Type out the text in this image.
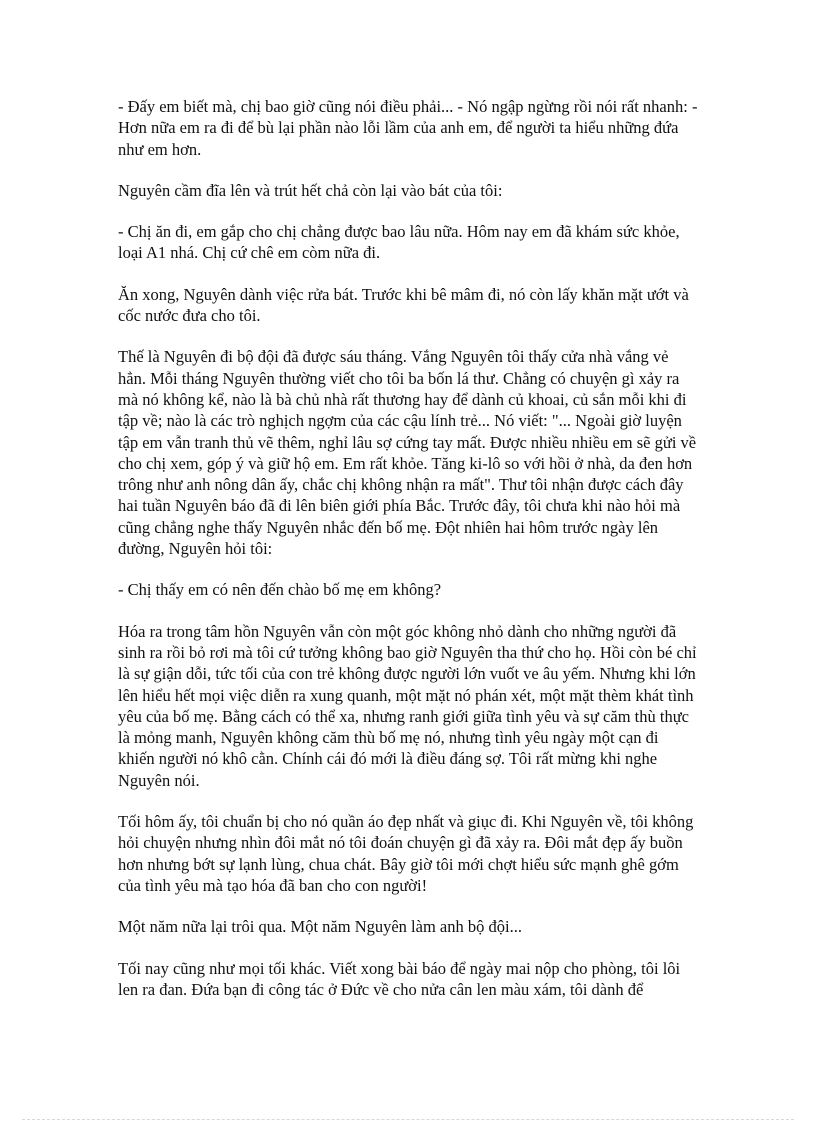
- Đấy em biết mà, chị bao giờ cũng nói điều phải... - Nó ngập ngừng rồi nói rất nhanh: - Hơn nữa em ra đi để bù lại phần nào lỗi lầm của anh em, để người ta hiểu những đứa như em hơn.

Nguyên cầm đĩa lên và trút hết chả còn lại vào bát của tôi:

- Chị ăn đi, em gắp cho chị chẳng được bao lâu nữa. Hôm nay em đã khám sức khỏe, loại A1 nhá. Chị cứ chê em còm nữa đi.

Ăn xong, Nguyên dành việc rửa bát. Trước khi bê mâm đi, nó còn lấy khăn mặt ướt và cốc nước đưa cho tôi.

Thế là Nguyên đi bộ đội đã được sáu tháng. Vắng Nguyên tôi thấy cửa nhà vắng vẻ hẳn. Mỗi tháng Nguyên thường viết cho tôi ba bốn lá thư. Chẳng có chuyện gì xảy ra mà nó không kể, nào là bà chủ nhà rất thương hay để dành củ khoai, củ sắn mỗi khi đi tập về; nào là các trò nghịch ngợm của các cậu lính trẻ... Nó viết: "... Ngoài giờ luyện tập em vẫn tranh thủ vẽ thêm, nghỉ lâu sợ cứng tay mất. Được nhiều nhiều em sẽ gửi về cho chị xem, góp ý và giữ hộ em. Em rất khỏe. Tăng ki-lô so với hồi ở nhà, da đen hơn trông như anh nông dân ấy, chắc chị không nhận ra mất". Thư tôi nhận được cách đây hai tuần Nguyên báo đã đi lên biên giới phía Bắc. Trước đây, tôi chưa khi nào hỏi mà cũng chẳng nghe thấy Nguyên nhắc đến bố mẹ. Đột nhiên hai hôm trước ngày lên đường, Nguyên hỏi tôi:

- Chị thấy em có nên đến chào bố mẹ em không?

Hóa ra trong tâm hồn Nguyên vẫn còn một góc không nhỏ dành cho những người đã sinh ra rồi bỏ rơi mà tôi cứ tưởng không bao giờ Nguyên tha thứ cho họ. Hồi còn bé chỉ là sự giận dỗi, tức tối của con trẻ không được người lớn vuốt ve âu yếm. Nhưng khi lớn lên hiểu hết mọi việc diễn ra xung quanh, một mặt nó phán xét, một mặt thèm khát tình yêu của bố mẹ. Bằng cách có thể xa, nhưng ranh giới giữa tình yêu và sự căm thù thực là mỏng manh, Nguyên không căm thù bố mẹ nó, nhưng tình yêu ngày một cạn đi khiến người nó khô cằn. Chính cái đó mới là điều đáng sợ. Tôi rất mừng khi nghe Nguyên nói.

Tối hôm ấy, tôi chuẩn bị cho nó quần áo đẹp nhất và giục đi. Khi Nguyên về, tôi không hỏi chuyện nhưng nhìn đôi mắt nó tôi đoán chuyện gì đã xảy ra. Đôi mắt đẹp ấy buồn hơn nhưng bớt sự lạnh lùng, chua chát. Bây giờ tôi mới chợt hiểu sức mạnh ghê gớm của tình yêu mà tạo hóa đã ban cho con người!

Một năm nữa lại trôi qua. Một năm Nguyên làm anh bộ đội...

Tối nay cũng như mọi tối khác. Viết xong bài báo để ngày mai nộp cho phòng, tôi lôi len ra đan. Đứa bạn đi công tác ở Đức về cho nửa cân len màu xám, tôi dành để
